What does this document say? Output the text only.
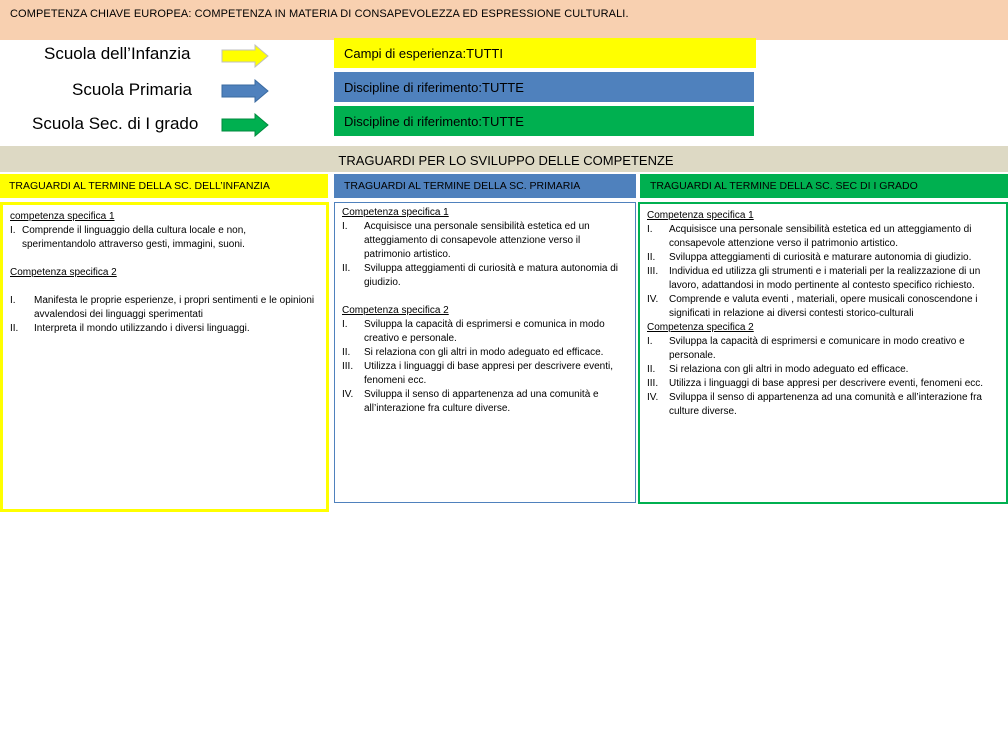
COMPETENZA CHIAVE EUROPEA: COMPETENZA IN MATERIA DI CONSAPEVOLEZZA ED ESPRESSIONE CULTURALI.
Scuola dell’Infanzia
Scuola Primaria
Scuola Sec. di I grado
Campi di esperienza: TUTTI
Discipline di riferimento: TUTTE
Discipline di riferimento: TUTTE
TRAGUARDI PER LO SVILUPPO DELLE COMPETENZE
TRAGUARDI AL TERMINE DELLA SC. DELL’INFANZIA	TRAGUARDI AL TERMINE DELLA SC. PRIMARIA	TRAGUARDI AL TERMINE DELLA SC. SEC DI I GRADO
competenza specifica 1
I. Comprende il linguaggio della cultura locale e non, sperimentandolo attraverso gesti, immagini, suoni.
Competenza specifica 2
I.	Manifesta le proprie esperienze, i propri sentimenti e le opinioni avvalendosi dei linguaggi sperimentati
II.	Interpreta il mondo utilizzando i diversi linguaggi.
Competenza specifica 1
I.	Acquisisce una personale sensibilità estetica ed un atteggiamento di consapevole attenzione verso il patrimonio artistico.
II.	Sviluppa atteggiamenti di curiosità e matura autonomia di giudizio.
Competenza specifica 2
I.	Sviluppa la capacità di esprimersi e comunica in modo creativo e personale.
II.	Si relaziona con gli altri in modo adeguato ed efficace.
III.	Utilizza i linguaggi di base appresi per descrivere eventi, fenomeni ecc.
IV.	Sviluppa il senso di appartenenza ad una comunità e all’interazione fra culture diverse.
Competenza specifica 1
I.	Acquisisce una personale sensibilità estetica ed un atteggiamento di consapevole attenzione verso il patrimonio artistico.
II.	Sviluppa atteggiamenti di curiosità e maturare autonomia di giudizio.
III.	Individua ed utilizza gli strumenti e i materiali per la realizzazione di un lavoro, adattandosi in modo pertinente al contesto specifico richiesto.
IV.	Comprende e valuta eventi , materiali, opere musicali conoscendone i significati in relazione ai diversi contesti storico-culturali
Competenza specifica 2
I.	Sviluppa la capacità di esprimersi e comunicare in modo creativo e personale.
II.	Si relaziona con gli altri in modo adeguato ed efficace.
III.	Utilizza i linguaggi di base appresi per descrivere eventi, fenomeni ecc.
IV.	Sviluppa il senso di appartenenza ad una comunità e all’interazione fra culture diverse.
